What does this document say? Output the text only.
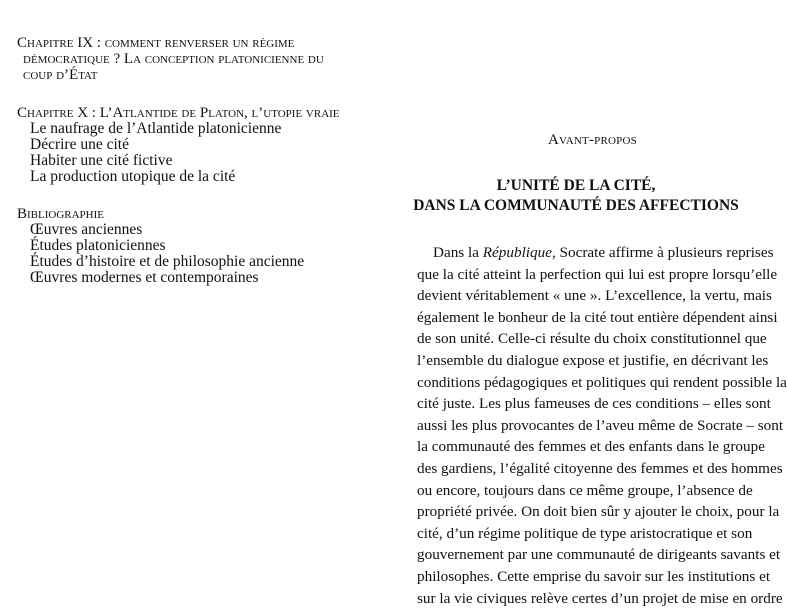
Chapitre IX : comment renverser un régime
démocratique ? La conception platonicienne du
coup d’État

Chapitre X : L’Atlantide de Platon, l’utopie vraie

Le naufrage de l’Atlantide platonicienne

Décrire une cité

Habiter une cité fictive

La production utopique de la cité

Bibliographie

Œuvres anciennes

Études platoniciennes

Études d’histoire et de philosophie ancienne

Œuvres modernes et contemporaines

Avant-propos
L’UNITÉ DE LA CITÉ,
DANS LA COMMUNAUTÉ DES AFFECTIONS
Dans la République, Socrate affirme à plusieurs reprises
que la cité atteint la perfection qui lui est propre lorsqu’elle
devient véritablement « une ». L’excellence, la vertu, mais
également le bonheur de la cité tout entière dépendent ainsi
de son unité. Celle-ci résulte du choix constitutionnel que
l’ensemble du dialogue expose et justifie, en décrivant les
conditions pédagogiques et politiques qui rendent possible la
cité juste. Les plus fameuses de ces conditions – elles sont
aussi les plus provocantes de l’aveu même de Socrate – sont
la communauté des femmes et des enfants dans le groupe
des gardiens, l’égalité citoyenne des femmes et des hommes
ou encore, toujours dans ce même groupe, l’absence de
propriété privée. On doit bien sûr y ajouter le choix, pour la
cité, d’un régime politique de type aristocratique et son
gouvernement par une communauté de dirigeants savants et
philosophes. Cette emprise du savoir sur les institutions et
sur la vie civiques relève certes d’un projet de mise en ordre
